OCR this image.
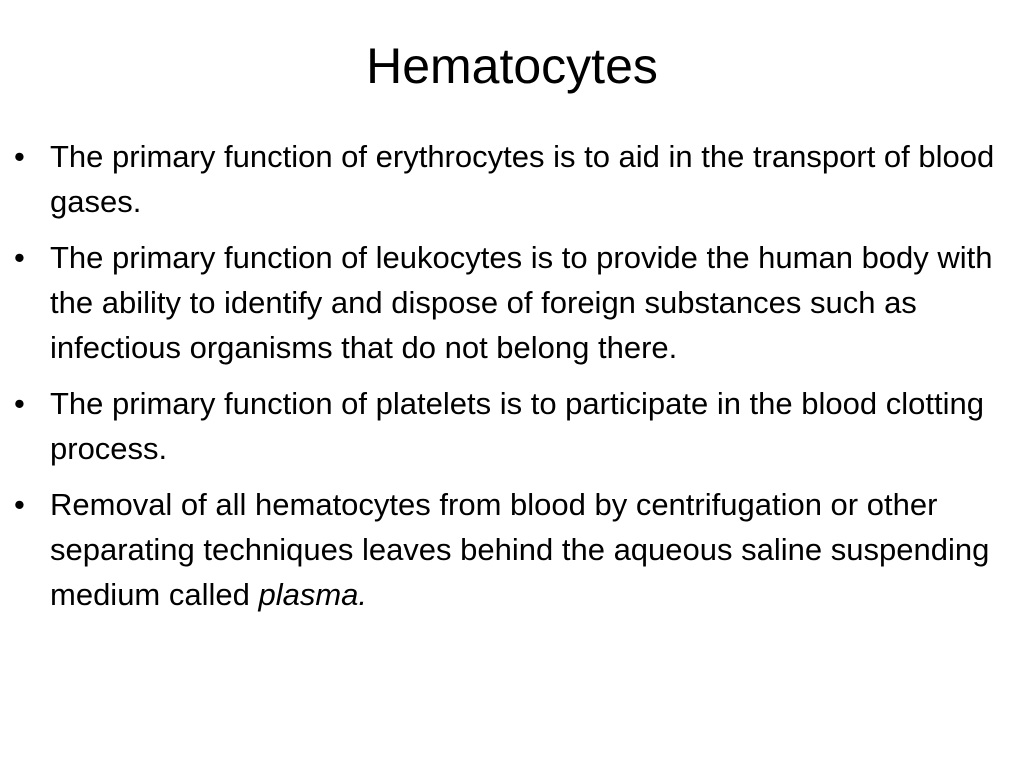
Hematocytes
• The primary function of erythrocytes is to aid in the transport of blood gases.
• The primary function of leukocytes is to provide the human body with the ability to identify and dispose of foreign substances such as infectious organisms that do not belong there.
• The primary function of platelets is to participate in the blood clotting process.
• Removal of all hematocytes from blood by centrifugation or other separating techniques leaves behind the aqueous saline suspending medium called plasma.
